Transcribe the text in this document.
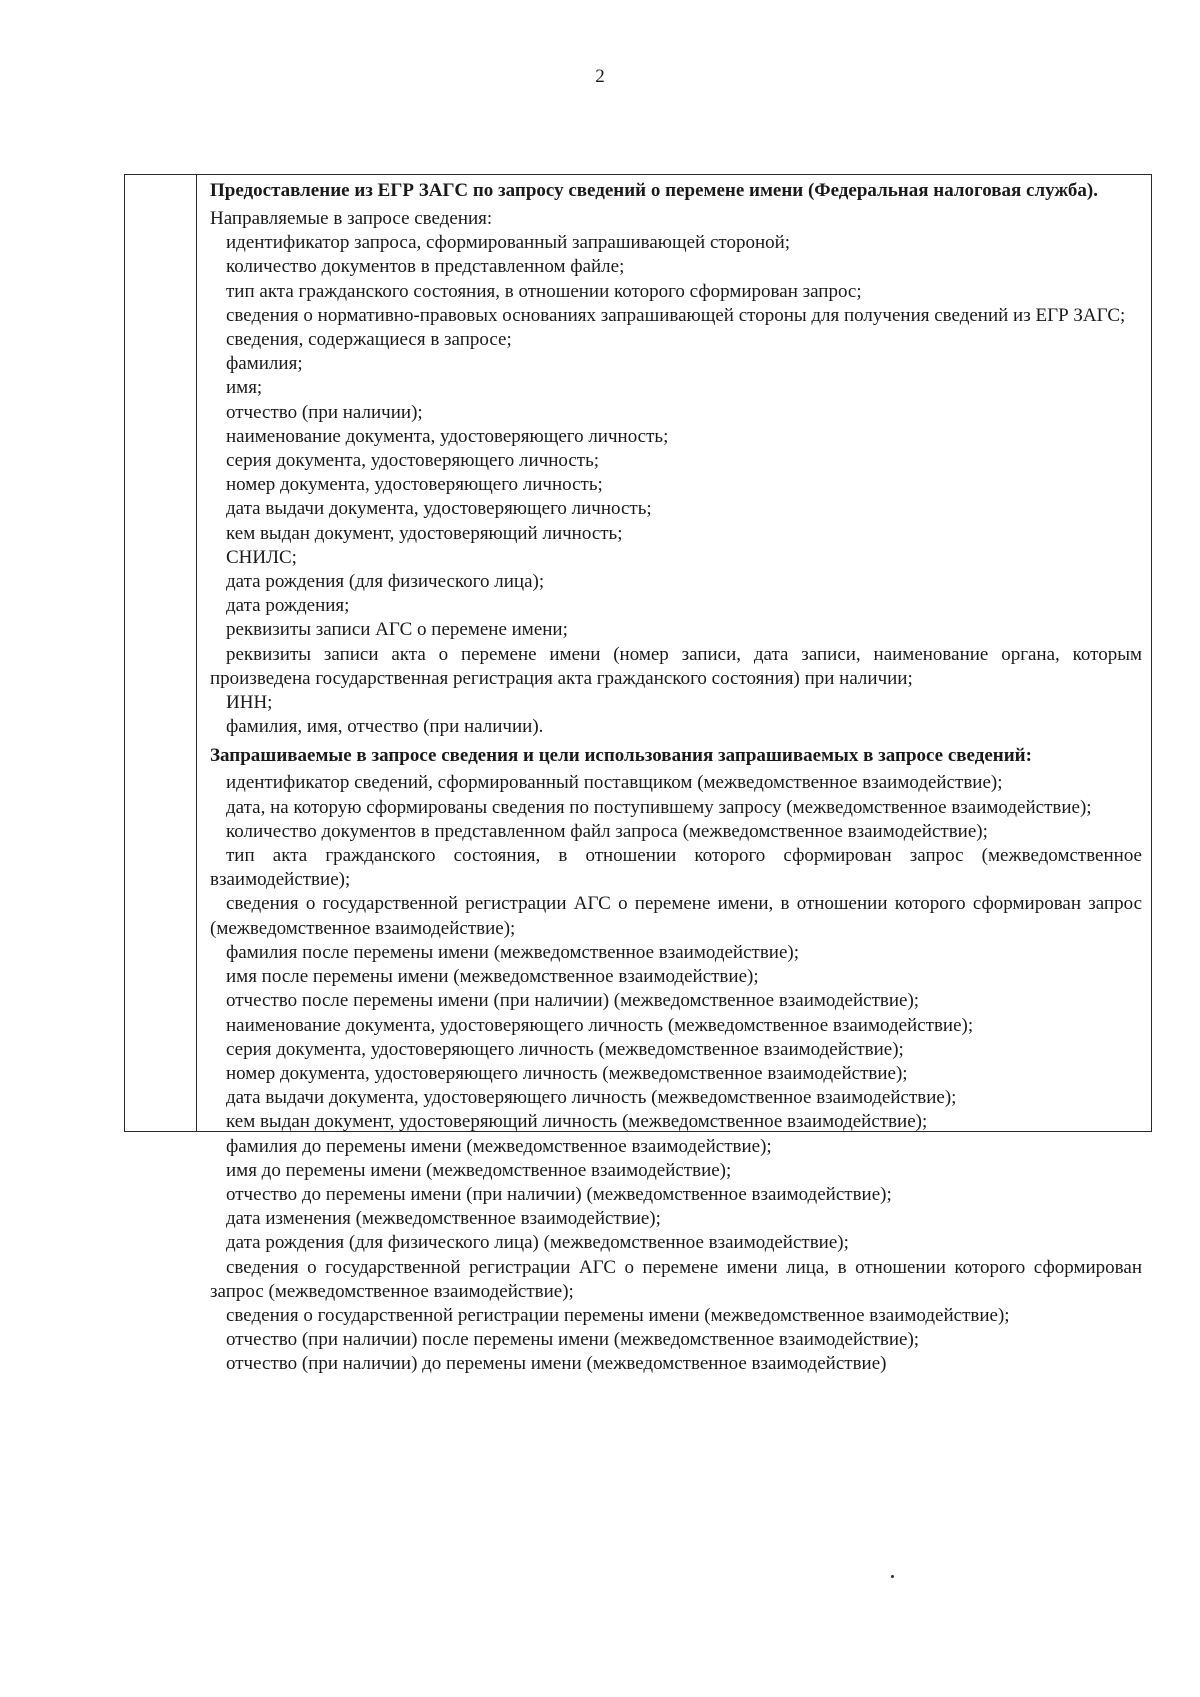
2

Предоставление из ЕГР ЗАГС по запросу сведений о перемене имени (Федеральная налоговая служба).

Направляемые в запросе сведения:

идентификатор запроса, сформированный запрашивающей стороной;

количество документов в представленном файле;

тип акта гражданского состояния, в отношении которого сформирован запрос;

сведения о нормативно-правовых основаниях запрашивающей стороны для получения сведений из ЕГР ЗАГС;

сведения, содержащиеся в запросе;

фамилия;

имя;

отчество (при наличии);

наименование документа, удостоверяющего личность;

серия документа, удостоверяющего личность;

номер документа, удостоверяющего личность;

дата выдачи документа, удостоверяющего личность;

кем выдан документ, удостоверяющий личность;

СНИЛС;

дата рождения (для физического лица);

дата рождения;

реквизиты записи АГС о перемене имени;

реквизиты записи акта о перемене имени (номер записи, дата записи, наименование органа, которым произведена государственная регистрация акта гражданского состояния) при наличии;

ИНН;

фамилия, имя, отчество (при наличии).

Запрашиваемые в запросе сведения и цели использования запрашиваемых в запросе сведений:

идентификатор сведений, сформированный поставщиком (межведомственное взаимодействие);

дата, на которую сформированы сведения по поступившему запросу (межведомственное взаимодействие);

количество документов в представленном файл запроса (межведомственное взаимодействие);

тип акта гражданского состояния, в отношении которого сформирован запрос (межведомственное взаимодействие);

сведения о государственной регистрации АГС о перемене имени, в отношении которого сформирован запрос (межведомственное взаимодействие);

фамилия после перемены имени (межведомственное взаимодействие);

имя после перемены имени (межведомственное взаимодействие);

отчество после перемены имени (при наличии) (межведомственное взаимодействие);

наименование документа, удостоверяющего личность (межведомственное взаимодействие);

серия документа, удостоверяющего личность (межведомственное взаимодействие);

номер документа, удостоверяющего личность (межведомственное взаимодействие);

дата выдачи документа, удостоверяющего личность (межведомственное взаимодействие);

кем выдан документ, удостоверяющий личность (межведомственное взаимодействие);

фамилия до перемены имени (межведомственное взаимодействие);

имя до перемены имени (межведомственное взаимодействие);

отчество до перемены имени (при наличии) (межведомственное взаимодействие);

дата изменения (межведомственное взаимодействие);

дата рождения (для физического лица) (межведомственное взаимодействие);

сведения о государственной регистрации АГС о перемене имени лица, в отношении которого сформирован запрос (межведомственное взаимодействие);

сведения о государственной регистрации перемены имени (межведомственное взаимодействие);

отчество (при наличии) после перемены имени (межведомственное взаимодействие);

отчество (при наличии) до перемены имени (межведомственное взаимодействие)
